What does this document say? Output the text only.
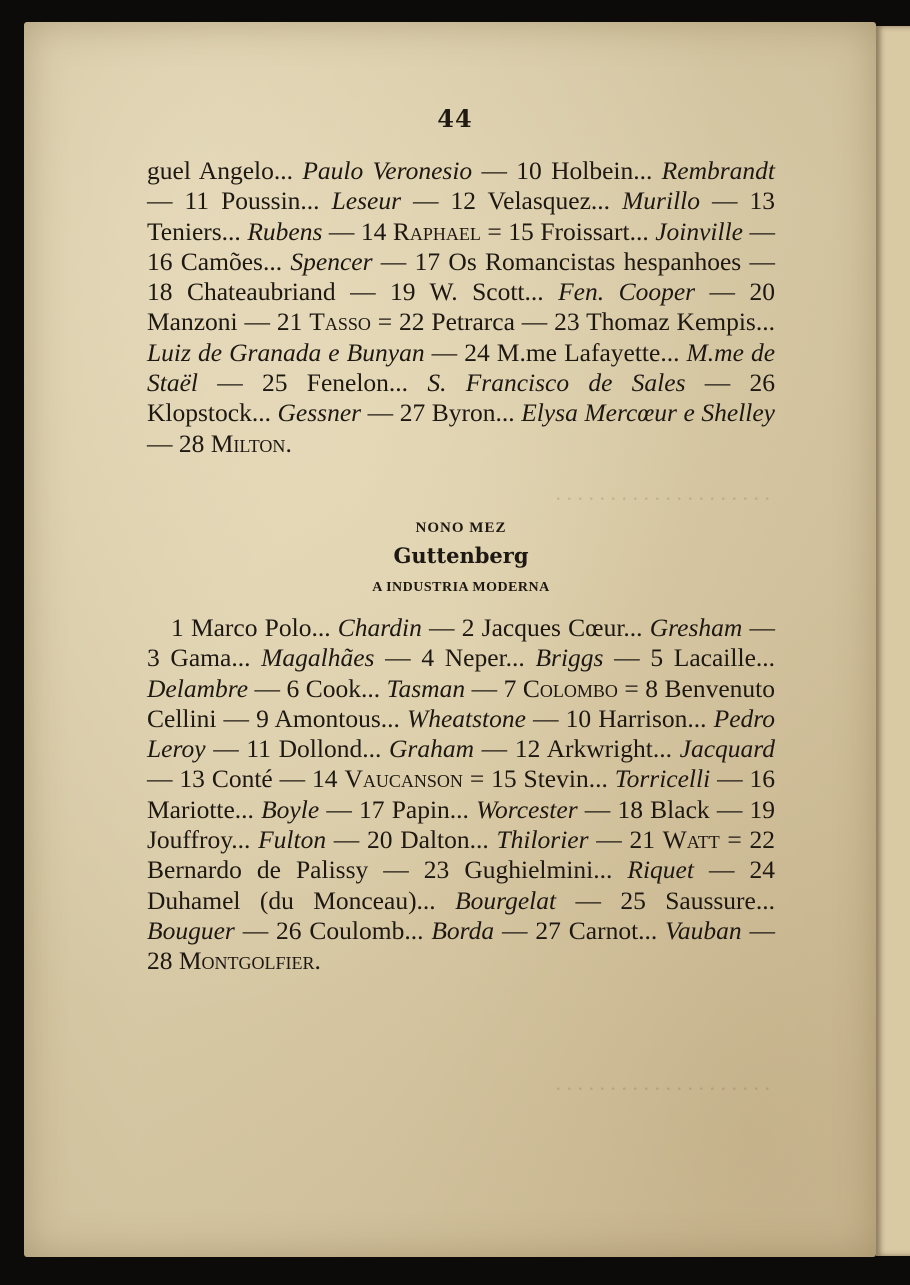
. . . . . . . . . . . . . . . . . . . .
. . . . . . . . . . . . . . . . . . . .
44

guel Angelo... Paulo Veronesio — 10 Holbein... Rembrandt — 11 Poussin... Leseur — 12 Velasquez... Murillo — 13 Teniers... Rubens — 14 Raphael = 15 Froissart... Joinville — 16 Camões... Spencer — 17 Os Romancistas hespanhoes — 18 Chateaubriand — 19 W. Scott... Fen. Cooper — 20 Manzoni — 21 Tasso = 22 Petrarca — 23 Thomaz Kempis... Luiz de Granada e Bunyan — 24 M.me Lafayette... M.me de Staël — 25 Fenelon... S. Francisco de Sales — 26 Klopstock... Gessner — 27 Byron... Elysa Mercœur e Shelley — 28 Milton.

NONO MEZ
Guttenberg
A INDUSTRIA MODERNA

1 Marco Polo... Chardin — 2 Jacques Cœur... Gresham — 3 Gama... Magalhães — 4 Neper... Briggs — 5 Lacaille... Delambre — 6 Cook... Tasman — 7 Colombo = 8 Benvenuto Cellini — 9 Amontous... Wheatstone — 10 Harrison... Pedro Leroy — 11 Dollond... Graham — 12 Arkwright... Jacquard — 13 Conté — 14 Vaucanson = 15 Stevin... Torricelli — 16 Mariotte... Boyle — 17 Papin... Worcester — 18 Black — 19 Jouffroy... Fulton — 20 Dalton... Thilorier — 21 Watt = 22 Bernardo de Palissy — 23 Gughielmini... Riquet — 24 Duhamel (du Monceau)... Bourgelat — 25 Saussure... Bouguer — 26 Coulomb... Borda — 27 Carnot... Vauban — 28 Montgolfier.
